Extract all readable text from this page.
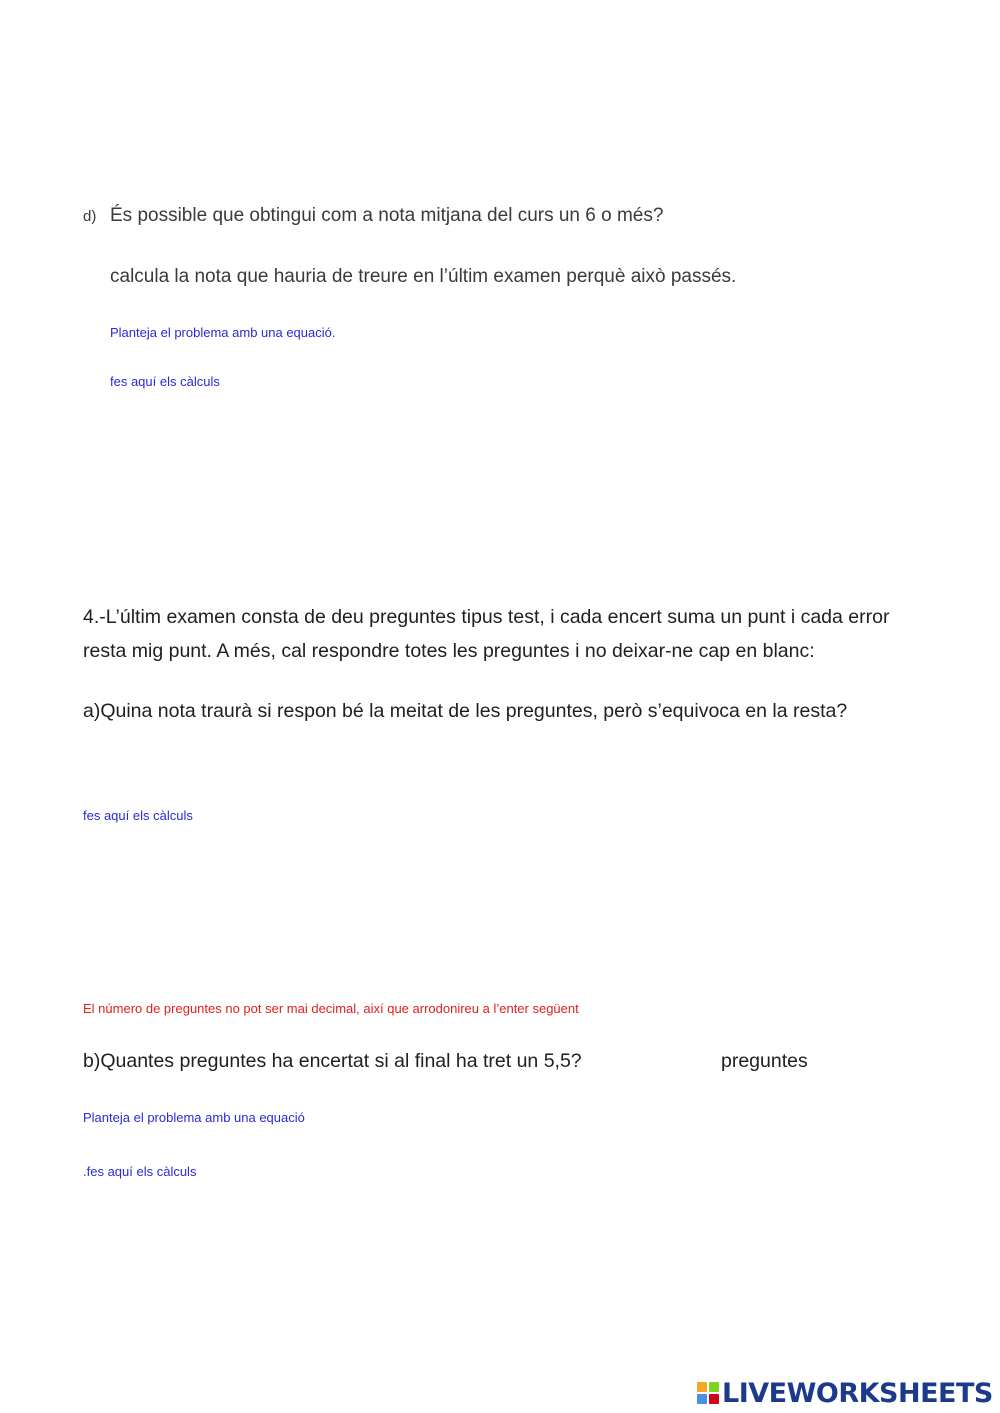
d) És possible que obtingui com a nota mitjana del curs un 6 o més?
calcula la nota que hauria de treure en l’últim examen perquè això passés.
Planteja el problema amb una equació.
fes aquí els càlculs
4.-L’últim examen consta de deu preguntes tipus test, i cada encert suma un punt i cada error
resta mig punt. A més, cal respondre totes les preguntes i no deixar-ne cap en blanc:
a)Quina nota traurà si respon bé la meitat de les preguntes, però s’equivoca en la resta?
fes aquí els càlculs
El número de preguntes no pot ser mai decimal, així que arrodonireu a l’enter següent
b)Quantes preguntes ha encertat si al final ha tret un 5,5?	preguntes
Planteja el problema amb una equació
.fes aquí els càlculs
LIVEWORKSHEETS
